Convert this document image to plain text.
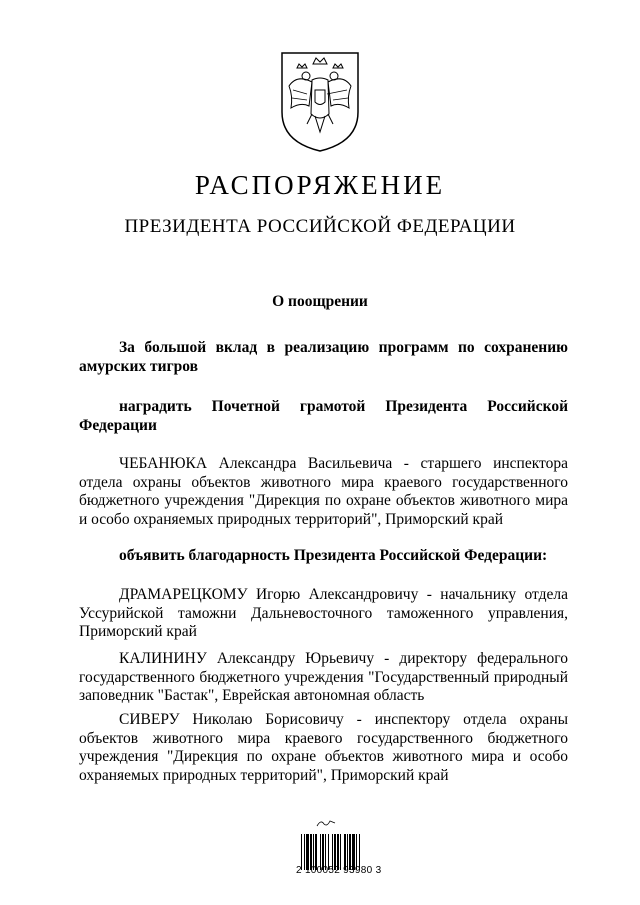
РАСПОРЯЖЕНИЕ
ПРЕЗИДЕНТА РОССИЙСКОЙ ФЕДЕРАЦИИ
О поощрении
За большой вклад в реализацию программ по сохранению амурских тигров
наградить Почетной грамотой Президента Российской Федерации
ЧЕБАНЮКА Александра Васильевича - старшего инспектора отдела охраны объектов животного мира краевого государственного бюджетного учреждения "Дирекция по охране объектов животного мира и особо охраняемых природных территорий", Приморский край
объявить благодарность Президента Российской Федерации:
ДРАМАРЕЦКОМУ Игорю Александровичу - начальнику отдела Уссурийской таможни Дальневосточного таможенного управления, Приморский край
КАЛИНИНУ Александру Юрьевичу - директору федерального государственного бюджетного учреждения "Государственный природный заповедник "Бастак", Еврейская автономная область
СИВЕРУ Николаю Борисовичу - инспектору отдела охраны объектов животного мира краевого государственного бюджетного учреждения "Дирекция по охране объектов животного мира и особо охраняемых природных территорий", Приморский край
2 100052 93980 3
